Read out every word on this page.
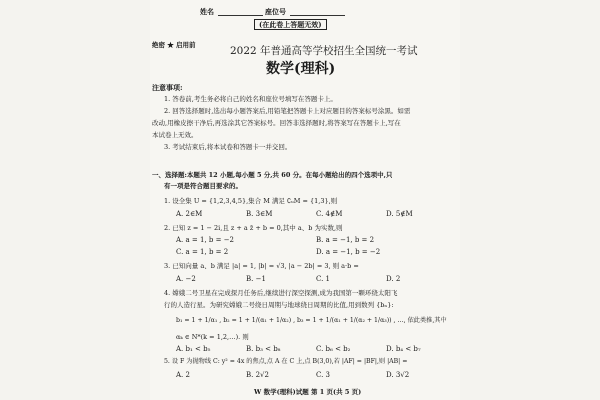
姓名	座位号
(在此卷上答题无效)
绝密 ★ 启用前	2022 年普通高等学校招生全国统一考试
数学(理科)
注意事项:
1. 答卷前,考生务必将自己的姓名和座位号填写在答题卡上。
2. 回答选择题时,选出每小题答案后,用铅笔把答题卡上对应题目的答案标号涂黑。如需
改动,用橡皮擦干净后,再选涂其它答案标号。回答非选择题时,将答案写在答题卡上,写在
本试卷上无效。
3. 考试结束后,将本试卷和答题卡一并交回。
一、选择题:本题共 12 小题,每小题 5 分,共 60 分。在每小题给出的四个选项中,只
有一项是符合题目要求的。
1. 设全集 U = {1,2,3,4,5},集合 M 满足 ∁ᵤM = {1,3},则
A. 2∈M	B. 3∈M	C. 4∉M	D. 5∉M
2. 已知 z = 1 − 2i,且 z + a z̄ + b = 0,其中 a、b 为实数,则
A. a = 1, b = −2	B. a = −1, b = 2
C. a = 1, b = 2	D. a = −1, b = −2
3. 已知向量 a、b 满足 |a| = 1, |b| = √3, |a − 2b| = 3, 则 a·b =
A. −2	B. −1	C. 1	D. 2
4. 嫦娥二号卫星在完成探月任务后,继续进行深空探测,成为我国第一颗环绕太阳飞
行的人造行星。为研究嫦娥二号绕日周期与地球绕日周期的比值,用到数列 {bₙ}:
b₁ = 1 + 1/α₁ , b₂ = 1 + 1/(α₁ + 1/α₂) , b₃ = 1 + 1/(α₁ + 1/(α₂ + 1/α₃)) , …, 依此类推,其中
αₖ ∈ N*(k = 1,2,…). 则
A. b₁ < b₅	B. b₃ < b₈	C. b₆ < b₂	D. b₄ < b₇
5. 设 F 为抛物线 C: y² = 4x 的焦点,点 A 在 C 上,点 B(3,0),若 |AF| = |BF|,则 |AB| =
A. 2	B. 2√2	C. 3	D. 3√2
W 数学(理科)试题 第 1 页(共 5 页)
